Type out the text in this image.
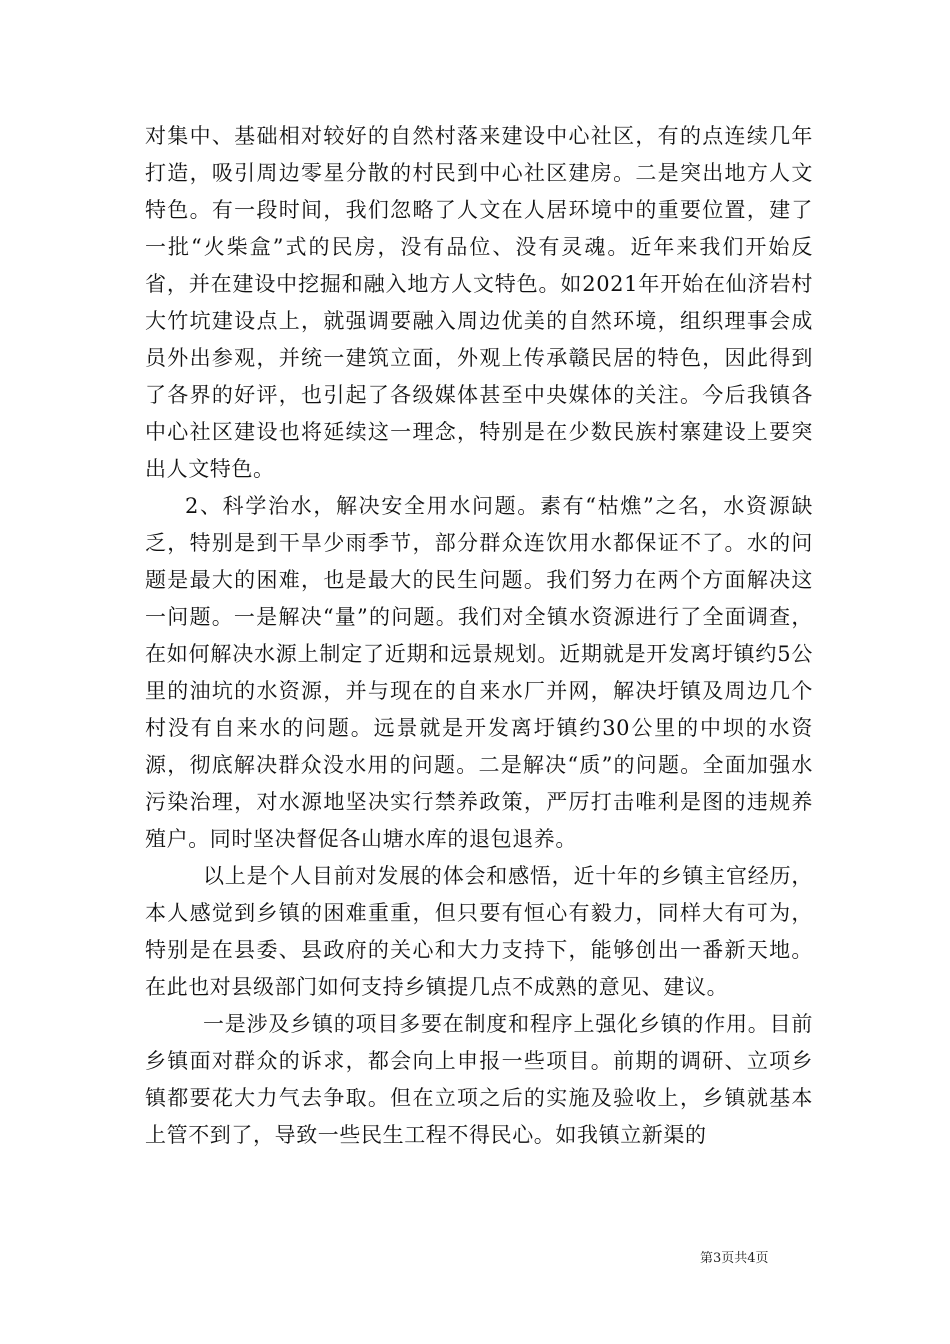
对集中、基础相对较好的自然村落来建设中心社区，有的点连续几年打造，吸引周边零星分散的村民到中心社区建房。二是突出地方人文特色。有一段时间，我们忽略了人文在人居环境中的重要位置，建了一批“火柴盒”式的民房，没有品位、没有灵魂。近年来我们开始反省，并在建设中挖掘和融入地方人文特色。如2021年开始在仙济岩村大竹坑建设点上，就强调要融入周边优美的自然环境，组织理事会成员外出参观，并统一建筑立面，外观上传承赣民居的特色，因此得到了各界的好评，也引起了各级媒体甚至中央媒体的关注。今后我镇各中心社区建设也将延续这一理念，特别是在少数民族村寨建设上要突出人文特色。

2、科学治水，解决安全用水问题。素有“枯燋”之名，水资源缺乏，特别是到干旱少雨季节，部分群众连饮用水都保证不了。水的问题是最大的困难，也是最大的民生问题。我们努力在两个方面解决这一问题。一是解决“量”的问题。我们对全镇水资源进行了全面调查，在如何解决水源上制定了近期和远景规划。近期就是开发离圩镇约5公里的油坑的水资源，并与现在的自来水厂并网，解决圩镇及周边几个村没有自来水的问题。远景就是开发离圩镇约30公里的中坝的水资源，彻底解决群众没水用的问题。二是解决“质”的问题。全面加强水污染治理，对水源地坚决实行禁养政策，严厉打击唯利是图的违规养殖户。同时坚决督促各山塘水库的退包退养。

以上是个人目前对发展的体会和感悟，近十年的乡镇主官经历，本人感觉到乡镇的困难重重，但只要有恒心有毅力，同样大有可为，特别是在县委、县政府的关心和大力支持下，能够创出一番新天地。在此也对县级部门如何支持乡镇提几点不成熟的意见、建议。

一是涉及乡镇的项目多要在制度和程序上强化乡镇的作用。目前乡镇面对群众的诉求，都会向上申报一些项目。前期的调研、立项乡镇都要花大力气去争取。但在立项之后的实施及验收上，乡镇就基本上管不到了，导致一些民生工程不得民心。如我镇立新渠的

第3页共4页
